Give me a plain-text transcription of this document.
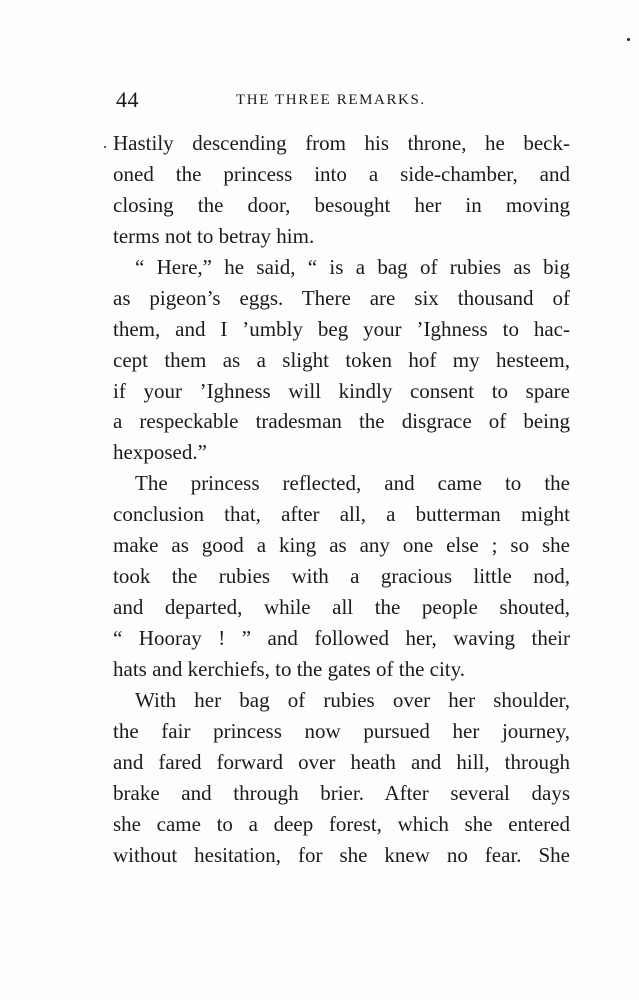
44	THE THREE REMARKS.
Hastily descending from his throne, he beck-
oned the princess into a side-chamber, and
closing the door, besought her in moving
terms not to betray him.
“ Here,” he said, “ is a bag of rubies as big
as pigeon’s eggs. There are six thousand of
them, and I ’umbly beg your ’Ighness to hac-
cept them as a slight token hof my hesteem,
if your ’Ighness will kindly consent to spare
a respeckable tradesman the disgrace of being
hexposed.”
The princess reflected, and came to the
conclusion that, after all, a butterman might
make as good a king as any one else ; so she
took the rubies with a gracious little nod,
and departed, while all the people shouted,
“ Hooray ! ” and followed her, waving their
hats and kerchiefs, to the gates of the city.
With her bag of rubies over her shoulder,
the fair princess now pursued her journey,
and fared forward over heath and hill, through
brake and through brier. After several days
she came to a deep forest, which she entered
without hesitation, for she knew no fear. She
